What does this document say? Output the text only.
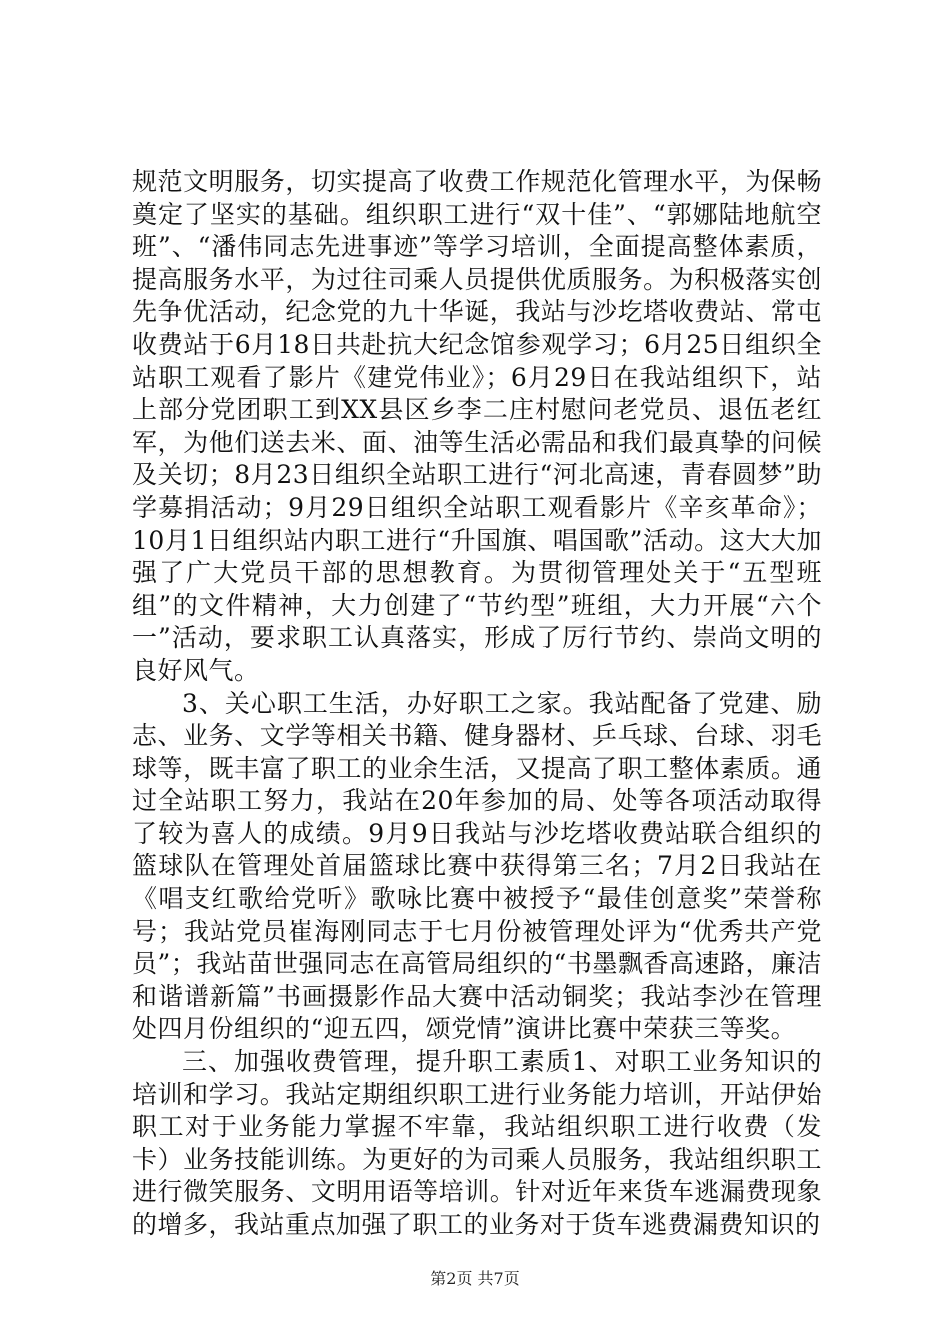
规范文明服务，切实提高了收费工作规范化管理水平，为保畅奠定了坚实的基础。组织职工进行“双十佳”、“郭娜陆地航空班”、“潘伟同志先进事迹”等学习培训，全面提高整体素质，提高服务水平，为过往司乘人员提供优质服务。为积极落实创先争优活动，纪念党的九十华诞，我站与沙圪塔收费站、常屯收费站于6月18日共赴抗大纪念馆参观学习；6月25日组织全站职工观看了影片《建党伟业》；6月29日在我站组织下，站上部分党团职工到XX县区乡李二庄村慰问老党员、退伍老红军，为他们送去米、面、油等生活必需品和我们最真挚的问候及关切；8月23日组织全站职工进行“河北高速，青春圆梦”助学募捐活动；9月29日组织全站职工观看影片《辛亥革命》；10月1日组织站内职工进行“升国旗、唱国歌”活动。这大大加强了广大党员干部的思想教育。为贯彻管理处关于“五型班组”的文件精神，大力创建了“节约型”班组，大力开展“六个一”活动，要求职工认真落实，形成了厉行节约、崇尚文明的良好风气。

3、关心职工生活，办好职工之家。我站配备了党建、励志、业务、文学等相关书籍、健身器材、乒乓球、台球、羽毛球等，既丰富了职工的业余生活，又提高了职工整体素质。通过全站职工努力，我站在20年参加的局、处等各项活动取得了较为喜人的成绩。9月9日我站与沙圪塔收费站联合组织的篮球队在管理处首届篮球比赛中获得第三名；7月2日我站在《唱支红歌给党听》歌咏比赛中被授予“最佳创意奖”荣誉称号；我站党员崔海刚同志于七月份被管理处评为“优秀共产党员”；我站苗世强同志在高管局组织的“书墨飘香高速路，廉洁和谐谱新篇”书画摄影作品大赛中活动铜奖；我站李沙在管理处四月份组织的“迎五四，颂党情”演讲比赛中荣获三等奖。

三、加强收费管理，提升职工素质1、对职工业务知识的培训和学习。我站定期组织职工进行业务能力培训，开站伊始职工对于业务能力掌握不牢靠，我站组织职工进行收费（发卡）业务技能训练。为更好的为司乘人员服务，我站组织职工进行微笑服务、文明用语等培训。针对近年来货车逃漏费现象的增多，我站重点加强了职工的业务对于货车逃费漏费知识的

第2页 共7页
